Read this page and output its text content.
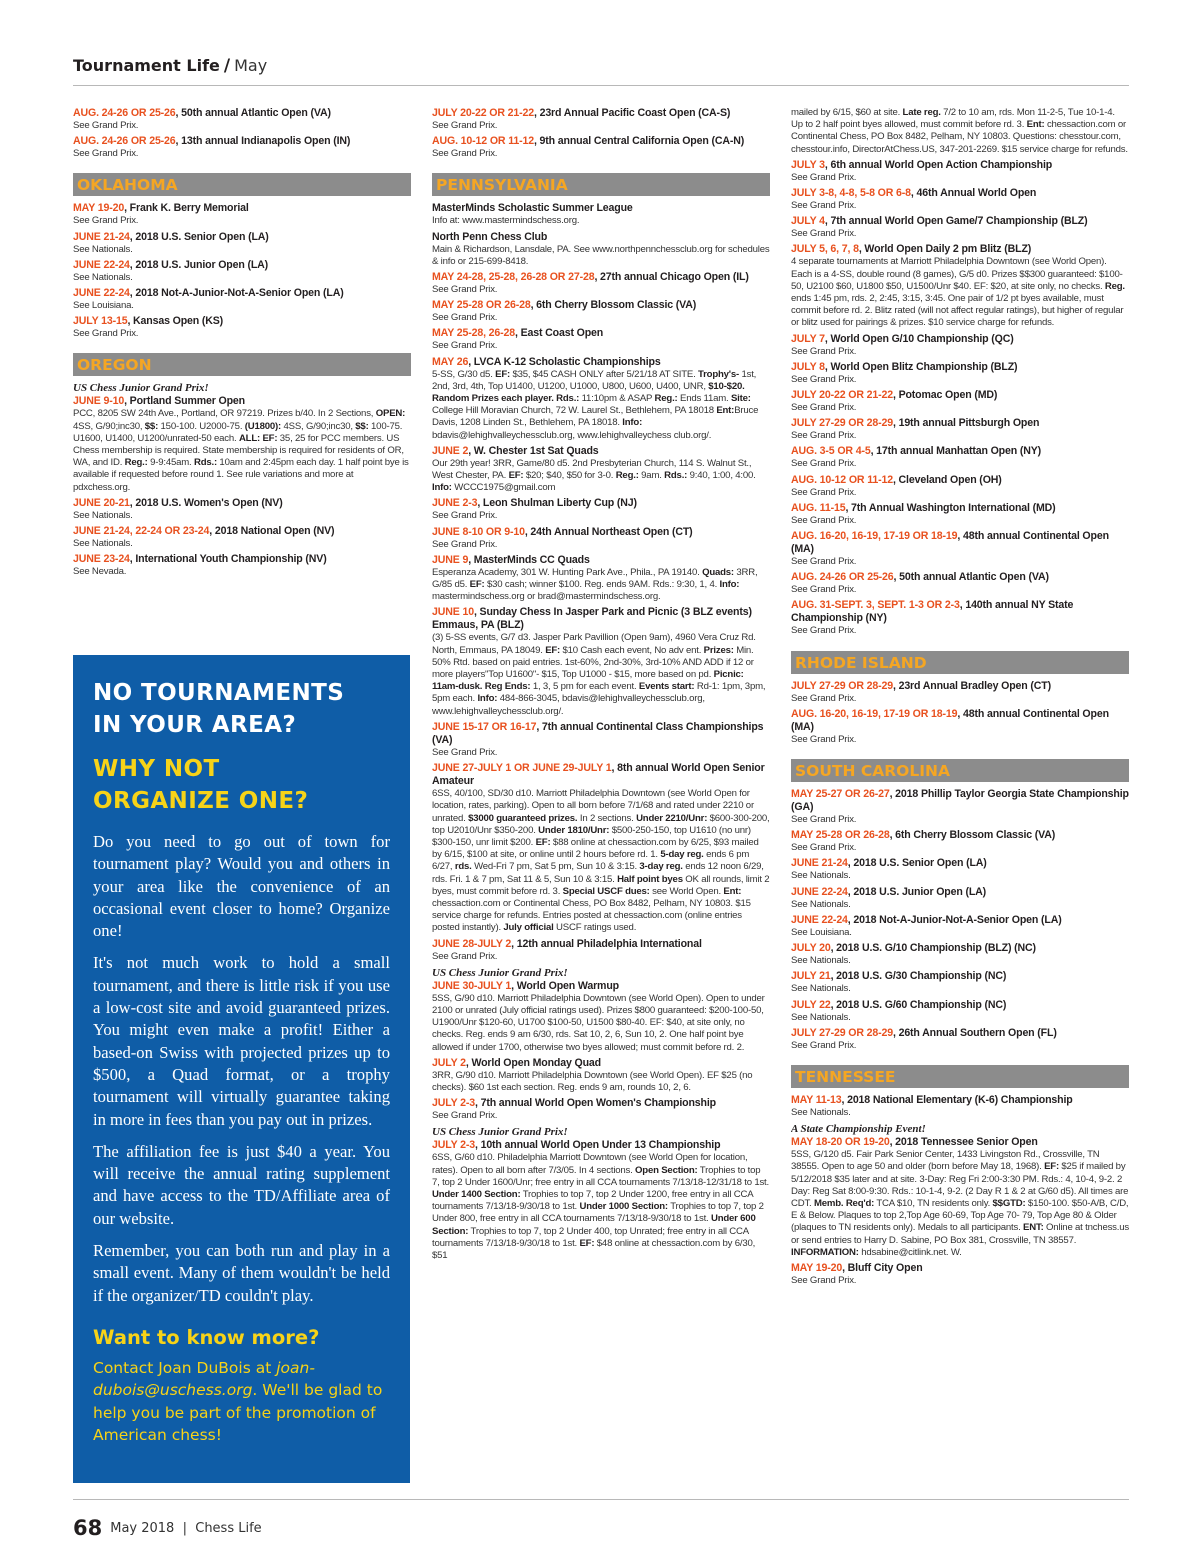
Tournament Life / May
AUG. 24-26 OR 25-26, 50th annual Atlantic Open (VA)
See Grand Prix.
AUG. 24-26 OR 25-26, 13th annual Indianapolis Open (IN)
See Grand Prix.
OKLAHOMA
MAY 19-20, Frank K. Berry Memorial
See Grand Prix.
JUNE 21-24, 2018 U.S. Senior Open (LA)
See Nationals.
JUNE 22-24, 2018 U.S. Junior Open (LA)
See Nationals.
JUNE 22-24, 2018 Not-A-Junior-Not-A-Senior Open (LA)
See Louisiana.
JULY 13-15, Kansas Open (KS)
See Grand Prix.
OREGON
US Chess Junior Grand Prix!
JUNE 9-10, Portland Summer Open
PCC, 8205 SW 24th Ave., Portland, OR 97219. Prizes b/40. In 2 Sections, OPEN: 4SS, G/90;inc30, $$: 150-100. U2000-75. (U1800): 4SS, G/90;inc30, $$: 100-75. U1600, U1400, U1200/unrated-50 each. ALL: EF: 35, 25 for PCC members. US Chess membership is required. State membership is required for residents of OR, WA, and ID. Reg.: 9-9:45am. Rds.: 10am and 2:45pm each day. 1 half point bye is available if requested before round 1. See rule variations and more at pdxchess.org.
JUNE 20-21, 2018 U.S. Women's Open (NV)
See Nationals.
JUNE 21-24, 22-24 OR 23-24, 2018 National Open (NV)
See Nationals.
JUNE 23-24, International Youth Championship (NV)
See Nevada.
NO TOURNAMENTS
IN YOUR AREA?
WHY NOT
ORGANIZE ONE?

Do you need to go out of town for tournament play? Would you and others in your area like the convenience of an occasional event closer to home? Organize one!

It's not much work to hold a small tournament, and there is little risk if you use a low-cost site and avoid guaranteed prizes. You might even make a profit! Either a based-on Swiss with projected prizes up to $500, a Quad format, or a trophy tournament will virtually guarantee taking in more in fees than you pay out in prizes.

The affiliation fee is just $40 a year. You will receive the annual rating supplement and have access to the TD/Affiliate area of our website.

Remember, you can both run and play in a small event. Many of them wouldn't be held if the organizer/TD couldn't play.

Want to know more?
Contact Joan DuBois at joan-dubois@uschess.org. We'll be glad to help you be part of the promotion of American chess!
JULY 20-22 OR 21-22, 23rd Annual Pacific Coast Open (CA-S)
See Grand Prix.
AUG. 10-12 OR 11-12, 9th annual Central California Open (CA-N)
See Grand Prix.
PENNSYLVANIA
MasterMinds Scholastic Summer League
Info at: www.mastermindschess.org.
North Penn Chess Club
Main & Richardson, Lansdale, PA. See www.northpennchessclub.org for schedules & info or 215-699-8418.
MAY 24-28, 25-28, 26-28 OR 27-28, 27th annual Chicago Open (IL)
See Grand Prix.
MAY 25-28 OR 26-28, 6th Cherry Blossom Classic (VA)
See Grand Prix.
MAY 25-28, 26-28, East Coast Open
See Grand Prix.
MAY 26, LVCA K-12 Scholastic Championships
5-SS, G/30 d5. EF: $35, $45 CASH ONLY after 5/21/18 AT SITE. Trophy's- 1st, 2nd, 3rd, 4th, Top U1400, U1200, U1000, U800, U600, U400, UNR, $10-$20. Random Prizes each player. Rds.: 11:10pm & ASAP Reg.: Ends 11am. Site: College Hill Moravian Church, 72 W. Laurel St., Bethlehem, PA 18018 Ent:Bruce Davis, 1208 Linden St., Bethlehem, PA 18018. Info: bdavis@lehighvalleychessclub.org, www.lehighvalleychess club.org/.
JUNE 2, W. Chester 1st Sat Quads
Our 29th year! 3RR, Game/80 d5. 2nd Presbyterian Church, 114 S. Walnut St., West Chester, PA. EF: $20; $40, $50 for 3-0. Reg.: 9am. Rds.: 9:40, 1:00, 4:00. Info: WCCC1975@gmail.com
JUNE 2-3, Leon Shulman Liberty Cup (NJ)
See Grand Prix.
JUNE 8-10 OR 9-10, 24th Annual Northeast Open (CT)
See Grand Prix.
JUNE 9, MasterMinds CC Quads
Esperanza Academy, 301 W. Hunting Park Ave., Phila., PA 19140. Quads: 3RR, G/85 d5. EF: $30 cash; winner $100. Reg. ends 9AM. Rds.: 9:30, 1, 4. Info: mastermindschess.org or brad@mastermindschess.org.
JUNE 10, Sunday Chess In Jasper Park and Picnic (3 BLZ events) Emmaus, PA (BLZ)
(3) 5-SS events, G/7 d3. Jasper Park Pavillion (Open 9am), 4960 Vera Cruz Rd. North, Emmaus, PA 18049. EF: $10 Cash each event, No adv ent. Prizes: Min. 50% Rtd. based on paid entries. 1st-60%, 2nd-30%, 3rd-10% AND ADD if 12 or more players"Top U1600"- $15, Top U1000 - $15, more based on pd. Picnic: 11am-dusk. Reg Ends: 1, 3, 5 pm for each event. Events start: Rd-1: 1pm, 3pm, 5pm each. Info: 484-866-3045, bdavis@lehighvalleychessclub.org, www.lehighvalleychessclub.org/.
JUNE 15-17 OR 16-17, 7th annual Continental Class Championships (VA)
See Grand Prix.
JUNE 27-JULY 1 OR JUNE 29-JULY 1, 8th annual World Open Senior Amateur
6SS, 40/100, SD/30 d10. Marriott Philadelphia Downtown (see World Open for location, rates, parking). Open to all born before 7/1/68 and rated under 2210 or unrated. $3000 guaranteed prizes. In 2 sections. Under 2210/Unr: $600-300-200, top U2010/Unr $350-200. Under 1810/Unr: $500-250-150, top U1610 (no unr) $300-150, unr limit $200. EF: $88 online at chessaction.com by 6/25, $93 mailed by 6/15, $100 at site, or online until 2 hours before rd. 1. 5-day reg. ends 6 pm 6/27, rds. Wed-Fri 7 pm, Sat 5 pm, Sun 10 & 3:15. 3-day reg. ends 12 noon 6/29, rds. Fri. 1 & 7 pm, Sat 11 & 5, Sun 10 & 3:15. Half point byes OK all rounds, limit 2 byes, must commit before rd. 3. Special USCF dues: see World Open. Ent: chessaction.com or Continental Chess, PO Box 8482, Pelham, NY 10803. $15 service charge for refunds. Entries posted at chessaction.com (online entries posted instantly). July official USCF ratings used.
JUNE 28-JULY 2, 12th annual Philadelphia International
See Grand Prix.
US Chess Junior Grand Prix!
JUNE 30-JULY 1, World Open Warmup
5SS, G/90 d10. Marriott Philadelphia Downtown (see World Open). Open to under 2100 or unrated (July official ratings used). Prizes $800 guaranteed: $200-100-50, U1900/Unr $120-60, U1700 $100-50, U1500 $80-40. EF: $40, at site only, no checks. Reg. ends 9 am 6/30, rds. Sat 10, 2, 6, Sun 10, 2. One half point bye allowed if under 1700, otherwise two byes allowed; must commit before rd. 2.
JULY 2, World Open Monday Quad
3RR, G/90 d10. Marriott Philadelphia Downtown (see World Open). EF $25 (no checks). $60 1st each section. Reg. ends 9 am, rounds 10, 2, 6.
JULY 2-3, 7th annual World Open Women's Championship
See Grand Prix.
US Chess Junior Grand Prix!
JULY 2-3, 10th annual World Open Under 13 Championship
6SS, G/60 d10. Philadelphia Marriott Downtown (see World Open for location, rates). Open to all born after 7/3/05. In 4 sections. Open Section: Trophies to top 7, top 2 Under 1600/Unr; free entry in all CCA tournaments 7/13/18-12/31/18 to 1st. Under 1400 Section: Trophies to top 7, top 2 Under 1200, free entry in all CCA tournaments 7/13/18-9/30/18 to 1st. Under 1000 Section: Trophies to top 7, top 2 Under 800, free entry in all CCA tournaments 7/13/18-9/30/18 to 1st. Under 600 Section: Trophies to top 7, top 2 Under 400, top Unrated; free entry in all CCA tournaments 7/13/18-9/30/18 to 1st. EF: $48 online at chessaction.com by 6/30, $51
mailed by 6/15, $60 at site. Late reg. 7/2 to 10 am, rds. Mon 11-2-5, Tue 10-1-4. Up to 2 half point byes allowed, must commit before rd. 3. Ent: chessaction.com or Continental Chess, PO Box 8482, Pelham, NY 10803. Questions: chesstour.com, chesstour.info, DirectorAtChess.US, 347-201-2269. $15 service charge for refunds.
JULY 3, 6th annual World Open Action Championship
See Grand Prix.
JULY 3-8, 4-8, 5-8 OR 6-8, 46th Annual World Open
See Grand Prix.
JULY 4, 7th annual World Open Game/7 Championship (BLZ)
See Grand Prix.
JULY 5, 6, 7, 8, World Open Daily 2 pm Blitz (BLZ)
4 separate tournaments at Marriott Philadelphia Downtown (see World Open). Each is a 4-SS, double round (8 games), G/5 d0. Prizes $$300 guaranteed: $100-50, U2100 $60, U1800 $50, U1500/Unr $40. EF: $20, at site only, no checks. Reg. ends 1:45 pm, rds. 2, 2:45, 3:15, 3:45. One pair of 1/2 pt byes available, must commit before rd. 2. Blitz rated (will not affect regular ratings), but higher of regular or blitz used for pairings & prizes. $10 service charge for refunds.
JULY 7, World Open G/10 Championship (QC)
See Grand Prix.
JULY 8, World Open Blitz Championship (BLZ)
See Grand Prix.
JULY 20-22 OR 21-22, Potomac Open (MD)
See Grand Prix.
JULY 27-29 OR 28-29, 19th annual Pittsburgh Open
See Grand Prix.
AUG. 3-5 OR 4-5, 17th annual Manhattan Open (NY)
See Grand Prix.
AUG. 10-12 OR 11-12, Cleveland Open (OH)
See Grand Prix.
AUG. 11-15, 7th Annual Washington International (MD)
See Grand Prix.
AUG. 16-20, 16-19, 17-19 OR 18-19, 48th annual Continental Open (MA)
See Grand Prix.
AUG. 24-26 OR 25-26, 50th annual Atlantic Open (VA)
See Grand Prix.
AUG. 31-SEPT. 3, SEPT. 1-3 OR 2-3, 140th annual NY State Championship (NY)
See Grand Prix.
RHODE ISLAND
JULY 27-29 OR 28-29, 23rd Annual Bradley Open (CT)
See Grand Prix.
AUG. 16-20, 16-19, 17-19 OR 18-19, 48th annual Continental Open (MA)
See Grand Prix.
SOUTH CAROLINA
MAY 25-27 OR 26-27, 2018 Phillip Taylor Georgia State Championship (GA)
See Grand Prix.
MAY 25-28 OR 26-28, 6th Cherry Blossom Classic (VA)
See Grand Prix.
JUNE 21-24, 2018 U.S. Senior Open (LA)
See Nationals.
JUNE 22-24, 2018 U.S. Junior Open (LA)
See Nationals.
JUNE 22-24, 2018 Not-A-Junior-Not-A-Senior Open (LA)
See Louisiana.
JULY 20, 2018 U.S. G/10 Championship (BLZ) (NC)
See Nationals.
JULY 21, 2018 U.S. G/30 Championship (NC)
See Nationals.
JULY 22, 2018 U.S. G/60 Championship (NC)
See Nationals.
JULY 27-29 OR 28-29, 26th Annual Southern Open (FL)
See Grand Prix.
TENNESSEE
MAY 11-13, 2018 National Elementary (K-6) Championship
See Nationals.
A State Championship Event!
MAY 18-20 OR 19-20, 2018 Tennessee Senior Open
5SS, G/120 d5. Fair Park Senior Center, 1433 Livingston Rd., Crossville, TN 38555. Open to age 50 and older (born before May 18, 1968). EF: $25 if mailed by 5/12/2018 $35 later and at site. 3-Day: Reg Fri 2:00-3:30 PM. Rds.: 4, 10-4, 9-2. 2 Day: Reg Sat 8:00-9:30. Rds.: 10-1-4, 9-2. (2 Day R 1 & 2 at G/60 d5). All times are CDT. Memb. Req'd: TCA $10, TN residents only. $$GTD: $150-100. $50-A/B, C/D, E & Below. Plaques to top 2,Top Age 60-69, Top Age 70- 79, Top Age 80 & Older (plaques to TN residents only). Medals to all participants. ENT: Online at tnchess.us or send entries to Harry D. Sabine, PO Box 381, Crossville, TN 38557. INFORMATION: hdsabine@citlink.net. W.
MAY 19-20, Bluff City Open
See Grand Prix.
68 May 2018  |  Chess Life
